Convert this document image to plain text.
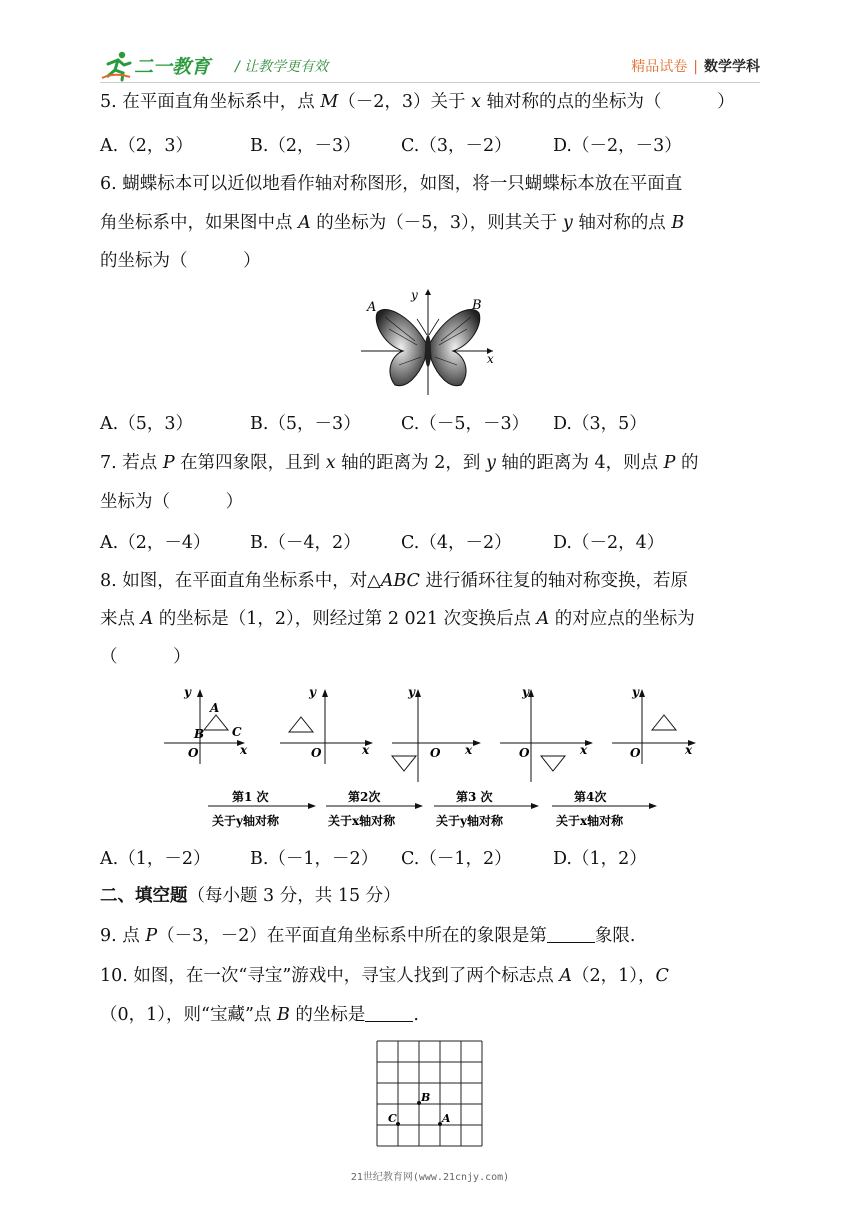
二一教育 / 让教学更有效	精品试卷 | 数学学科
5. 在平面直角坐标系中，点 M（－2，3）关于 x 轴对称的点的坐标为（          ）
A.（2，3）	B.（2，－3） C.（3，－2） D.（－2，－3）
6. 蝴蝶标本可以近似地看作轴对称图形，如图，将一只蝴蝶标本放在平面直
角坐标系中，如果图中点 A 的坐标为（－5，3），则其关于 y 轴对称的点 B
的坐标为（          ）
A	B
x
y
A.（5，3）	B.（5，－3） C.（－5，－3） D.（3，5）
7. 若点 P 在第四象限，且到 x 轴的距离为 2，到 y 轴的距离为 4，则点 P 的
坐标为（          ）
A.（2，－4） B.（－4，2） C.（4，－2） D.（－2，4）
8. 如图，在平面直角坐标系中，对△ABC 进行循环往复的轴对称变换，若原
来点 A 的坐标是（1，2），则经过第 2 021 次变换后点 A 的对应点的坐标为
（          ）
y
x
O
A
B C
y
x
O
y
x
O
y
x
O
y
x
O
第1 次
关于y轴对称
第2次
关于x轴对称
第3 次
关于y轴对称
第4次
关于x轴对称
A.（1，－2） B.（－1，－2） C.（－1，2） D.（1，2）
二、填空题（每小题 3 分，共 15 分）
9. 点 P（－3，－2）在平面直角坐标系中所在的象限是第	象限.
10. 如图，在一次“寻宝”游戏中，寻宝人找到了两个标志点 A（2，1），C
（0，1），则“宝藏”点 B 的坐标是	.
B
C	A
21世纪教育网(www.21cnjy.com)
